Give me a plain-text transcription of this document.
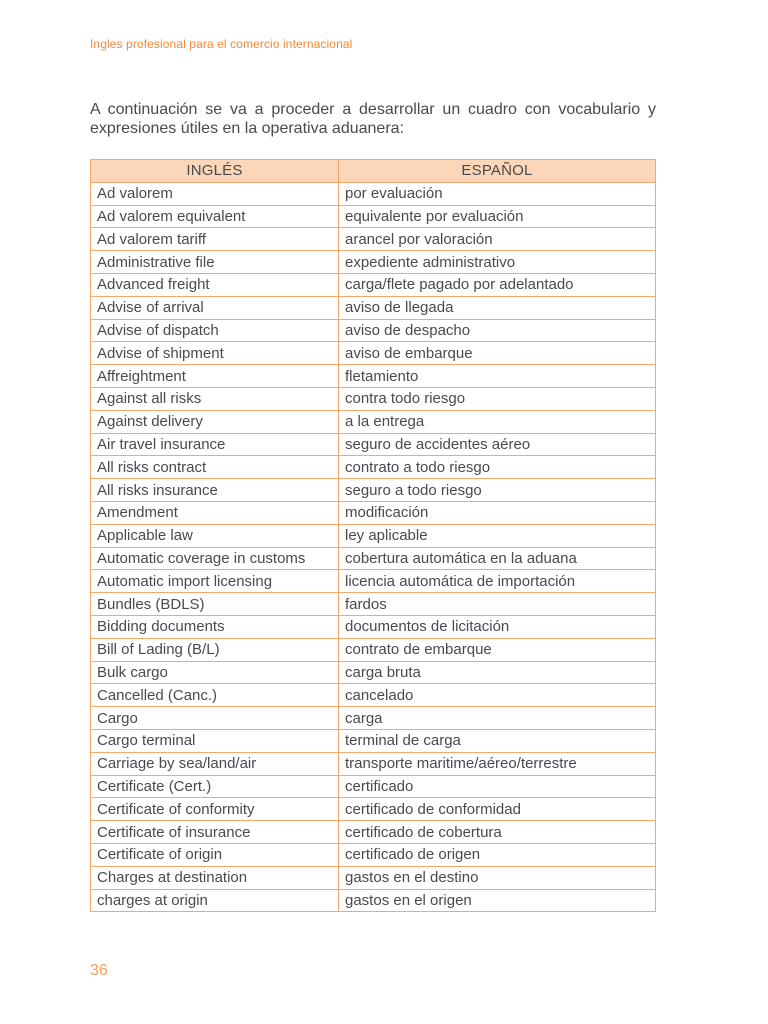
Ingles profesional para el comercio internacional

A continuación se va a proceder a desarrollar un cuadro con vocabulario y expresiones útiles en la operativa aduanera:

INGLÉS	ESPAÑOL
Ad valorem	por evaluación
Ad valorem equivalent	equivalente por evaluación
Ad valorem tariff	arancel por valoración
Administrative file	expediente administrativo
Advanced freight	carga/flete pagado por adelantado
Advise of arrival	aviso de llegada
Advise of dispatch	aviso de despacho
Advise of shipment	aviso de embarque
Affreightment	fletamiento
Against all risks	contra todo riesgo
Against delivery	a la entrega
Air travel insurance	seguro de accidentes aéreo
All risks contract	contrato a todo riesgo
All risks insurance	seguro a todo riesgo
Amendment	modificación
Applicable law	ley aplicable
Automatic coverage in customs	cobertura automática en la aduana
Automatic import licensing	licencia automática de importación
Bundles (BDLS)	fardos
Bidding documents	documentos de licitación
Bill of Lading (B/L)	contrato de embarque
Bulk cargo	carga bruta
Cancelled (Canc.)	cancelado
Cargo	carga
Cargo terminal	terminal de carga
Carriage by sea/land/air	transporte maritime/aéreo/terrestre
Certificate (Cert.)	certificado
Certificate of conformity	certificado de conformidad
Certificate of insurance	certificado de cobertura
Certificate of origin	certificado de origen
Charges at destination	gastos en el destino
charges at origin	gastos en el origen
36
